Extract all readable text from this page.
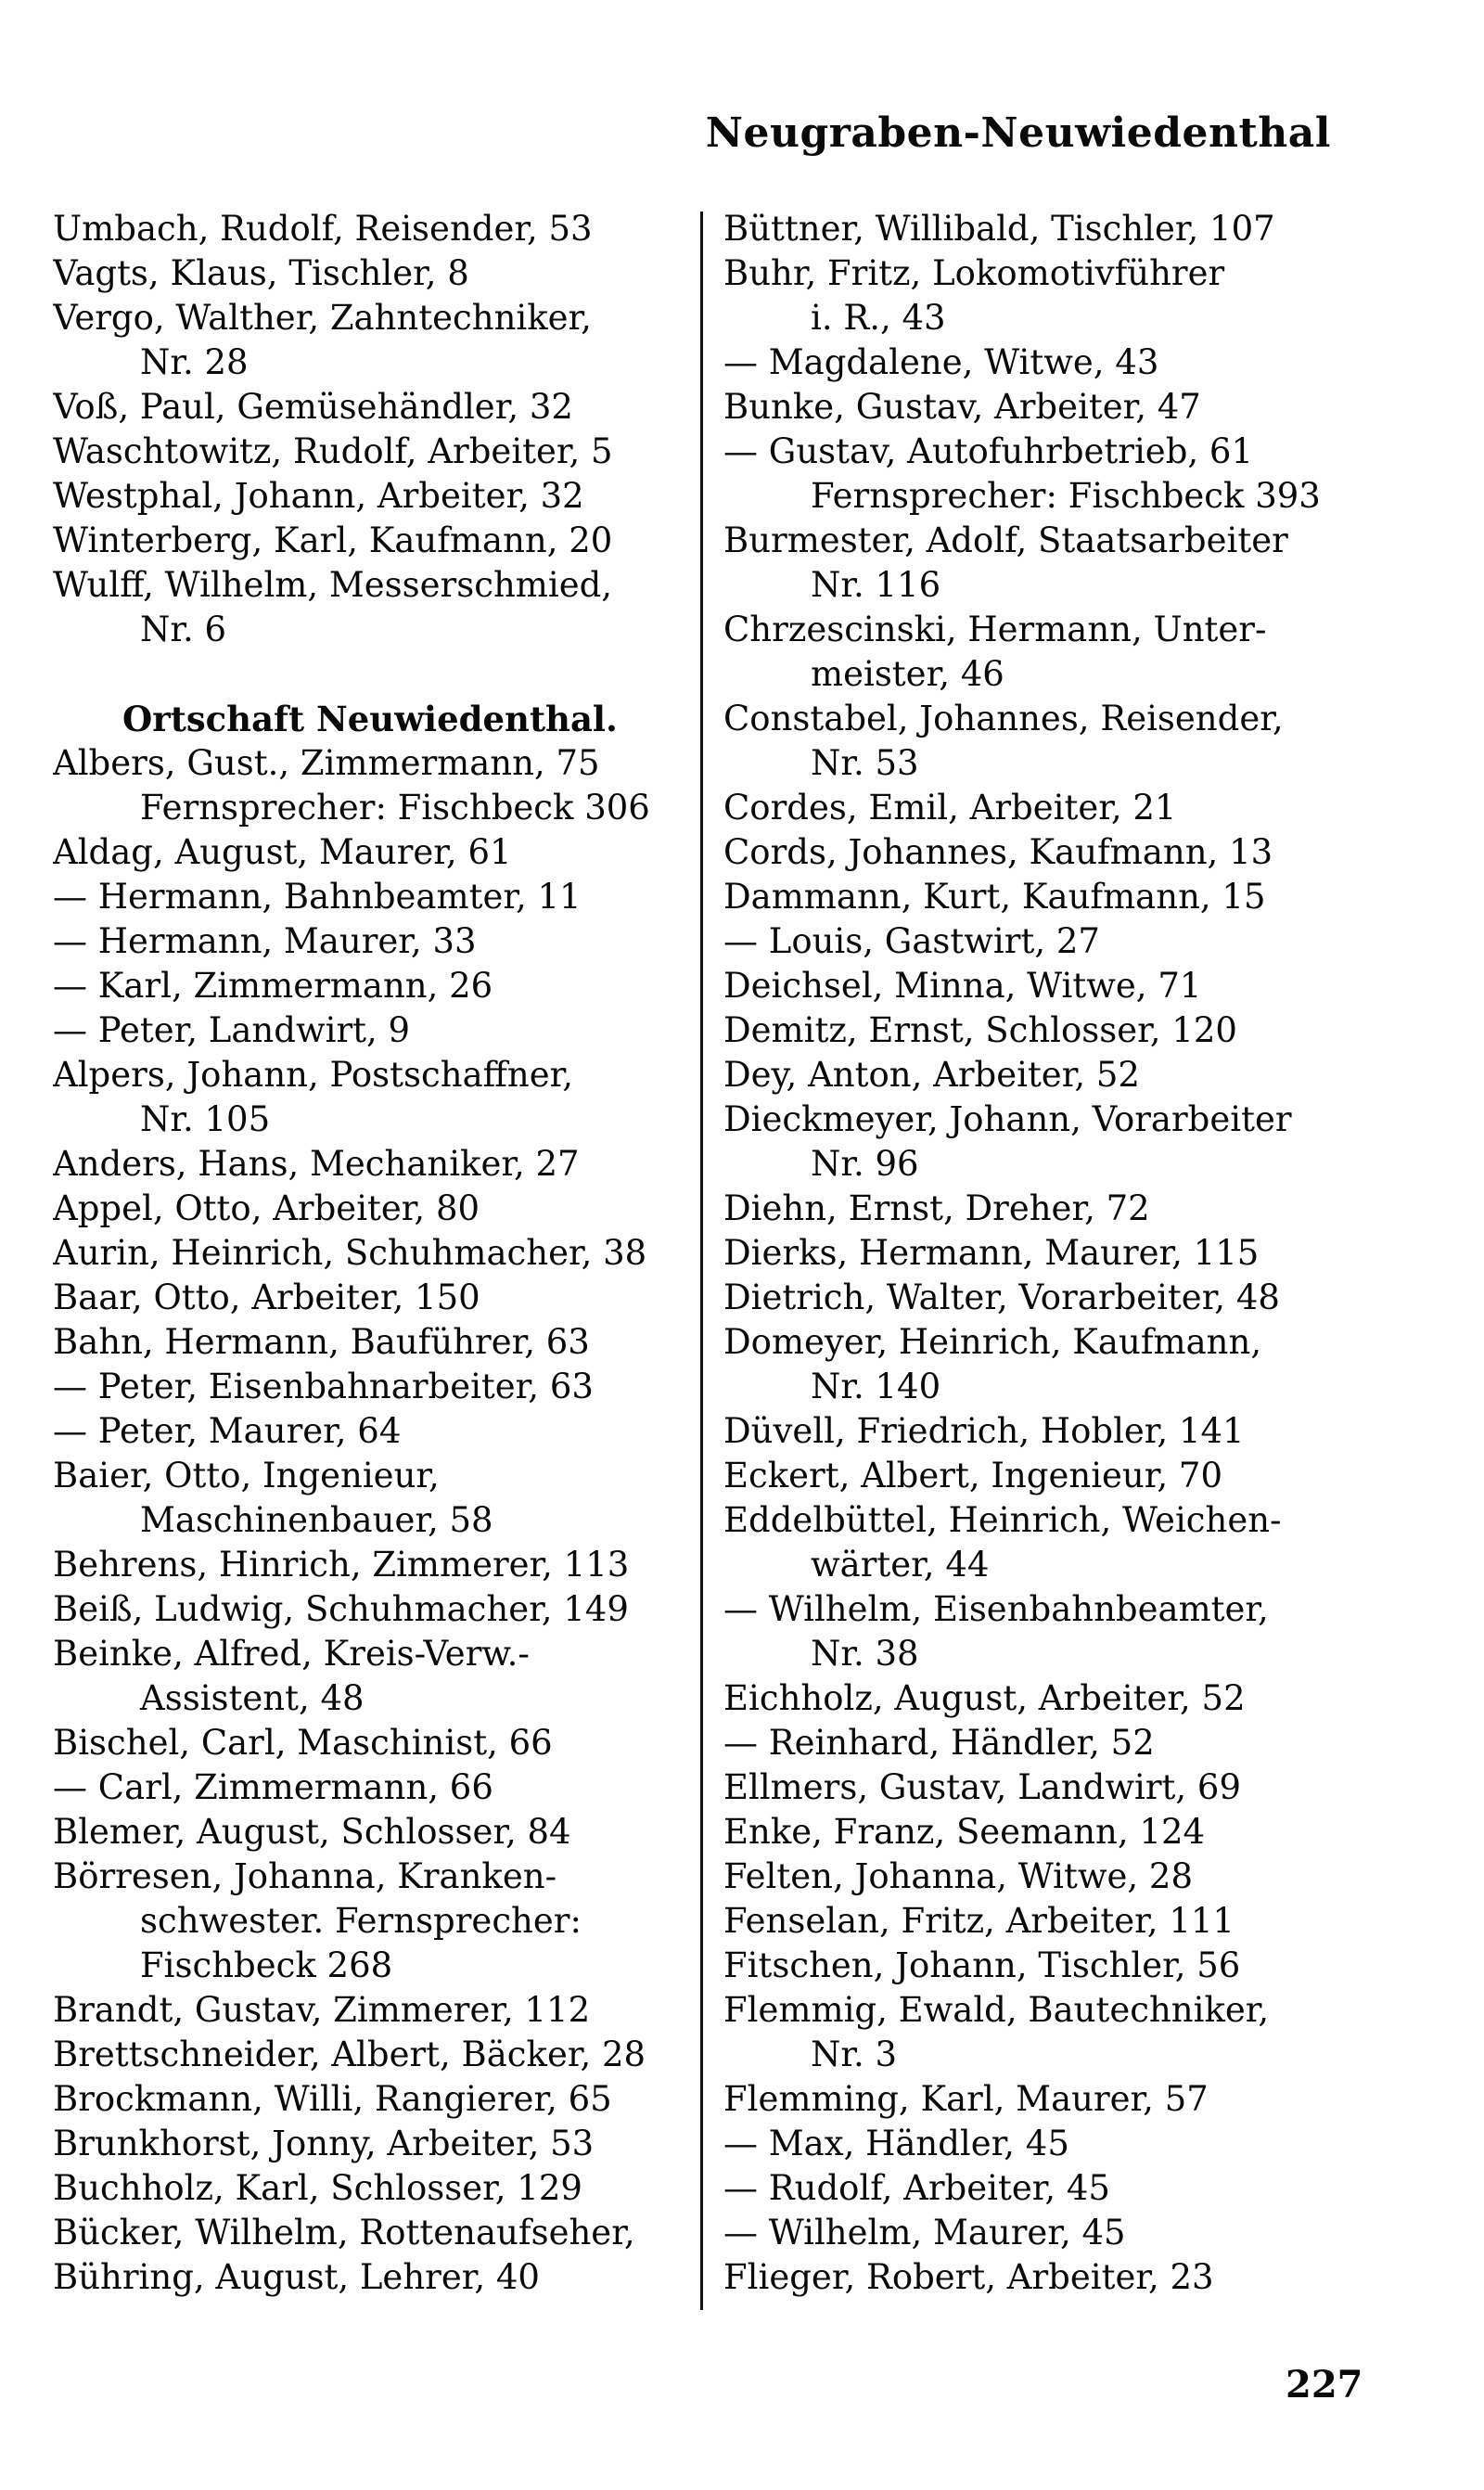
Neugraben-Neuwiedenthal
Umbach, Rudolf, Reisender, 53
Vagts, Klaus, Tischler, 8
Vergo, Walther, Zahntechniker,
Nr. 28
Voß, Paul, Gemüsehändler, 32
Waschtowitz, Rudolf, Arbeiter, 5
Westphal, Johann, Arbeiter, 32
Winterberg, Karl, Kaufmann, 20
Wulff, Wilhelm, Messerschmied,
Nr. 6
Ortschaft Neuwiedenthal.
Albers, Gust., Zimmermann, 75
Fernsprecher: Fischbeck 306
Aldag, August, Maurer, 61
— Hermann, Bahnbeamter, 11
— Hermann, Maurer, 33
— Karl, Zimmermann, 26
— Peter, Landwirt, 9
Alpers, Johann, Postschaffner,
Nr. 105
Anders, Hans, Mechaniker, 27
Appel, Otto, Arbeiter, 80
Aurin, Heinrich, Schuhmacher, 38
Baar, Otto, Arbeiter, 150
Bahn, Hermann, Bauführer, 63
— Peter, Eisenbahnarbeiter, 63
— Peter, Maurer, 64
Baier, Otto, Ingenieur,
Maschinenbauer, 58
Behrens, Hinrich, Zimmerer, 113
Beiß, Ludwig, Schuhmacher, 149
Beinke, Alfred, Kreis-Verw.-
Assistent, 48
Bischel, Carl, Maschinist, 66
— Carl, Zimmermann, 66
Blemer, August, Schlosser, 84
Börresen, Johanna, Kranken-
schwester. Fernsprecher:
Fischbeck 268
Brandt, Gustav, Zimmerer, 112
Brettschneider, Albert, Bäcker, 28
Brockmann, Willi, Rangierer, 65
Brunkhorst, Jonny, Arbeiter, 53
Buchholz, Karl, Schlosser, 129
Bücker, Wilhelm, Rottenaufseher,
Bühring, August, Lehrer, 40
Büttner, Willibald, Tischler, 107
Buhr, Fritz, Lokomotivführer
i. R., 43
— Magdalene, Witwe, 43
Bunke, Gustav, Arbeiter, 47
— Gustav, Autofuhrbetrieb, 61
Fernsprecher: Fischbeck 393
Burmester, Adolf, Staatsarbeiter
Nr. 116
Chrzescinski, Hermann, Unter-
meister, 46
Constabel, Johannes, Reisender,
Nr. 53
Cordes, Emil, Arbeiter, 21
Cords, Johannes, Kaufmann, 13
Dammann, Kurt, Kaufmann, 15
— Louis, Gastwirt, 27
Deichsel, Minna, Witwe, 71
Demitz, Ernst, Schlosser, 120
Dey, Anton, Arbeiter, 52
Dieckmeyer, Johann, Vorarbeiter
Nr. 96
Diehn, Ernst, Dreher, 72
Dierks, Hermann, Maurer, 115
Dietrich, Walter, Vorarbeiter, 48
Domeyer, Heinrich, Kaufmann,
Nr. 140
Düvell, Friedrich, Hobler, 141
Eckert, Albert, Ingenieur, 70
Eddelbüttel, Heinrich, Weichen-
wärter, 44
— Wilhelm, Eisenbahnbeamter,
Nr. 38
Eichholz, August, Arbeiter, 52
— Reinhard, Händler, 52
Ellmers, Gustav, Landwirt, 69
Enke, Franz, Seemann, 124
Felten, Johanna, Witwe, 28
Fenselan, Fritz, Arbeiter, 111
Fitschen, Johann, Tischler, 56
Flemmig, Ewald, Bautechniker,
Nr. 3
Flemming, Karl, Maurer, 57
— Max, Händler, 45
— Rudolf, Arbeiter, 45
— Wilhelm, Maurer, 45
Flieger, Robert, Arbeiter, 23
227
